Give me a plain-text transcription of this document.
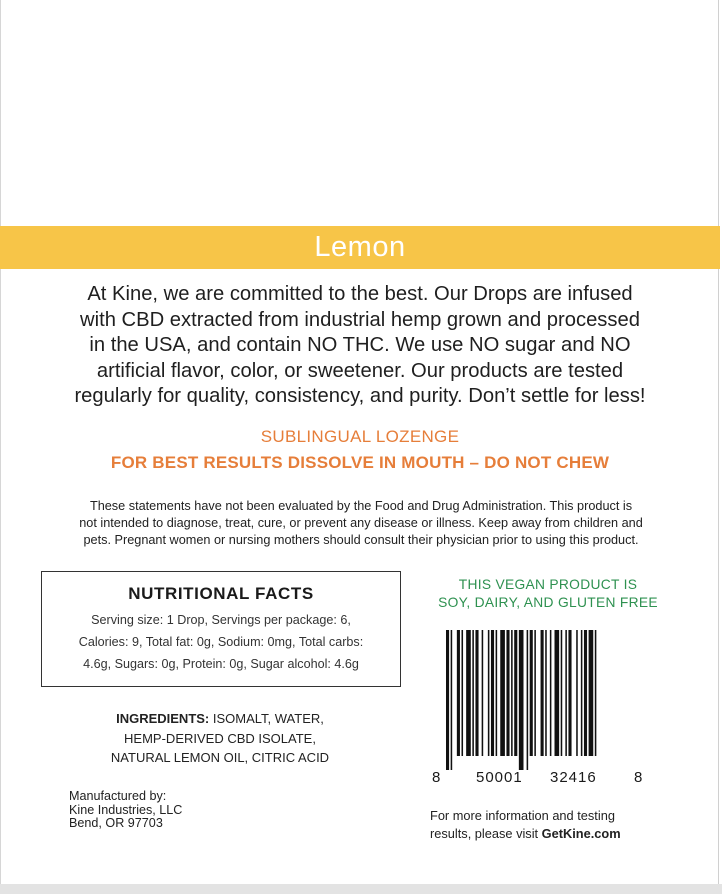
Lemon
At Kine, we are committed to the best. Our Drops are infused
with CBD extracted from industrial hemp grown and processed
in the USA, and contain NO THC. We use NO sugar and NO
artificial flavor, color, or sweetener. Our products are tested
regularly for quality, consistency, and purity. Don’t settle for less!
SUBLINGUAL LOZENGE
FOR BEST RESULTS DISSOLVE IN MOUTH – DO NOT CHEW
These statements have not been evaluated by the Food and Drug Administration. This product is
not intended to diagnose, treat, cure, or prevent any disease or illness. Keep away from children and
pets. Pregnant women or nursing mothers should consult their physician prior to using this product.
NUTRITIONAL FACTS
Serving size: 1 Drop, Servings per package: 6,
Calories: 9, Total fat: 0g, Sodium: 0mg, Total carbs:
4.6g, Sugars: 0g, Protein: 0g, Sugar alcohol: 4.6g
INGREDIENTS: ISOMALT, WATER,
HEMP-DERIVED CBD ISOLATE,
NATURAL LEMON OIL, CITRIC ACID
Manufactured by:
Kine Industries, LLC
Bend, OR 97703
THIS VEGAN PRODUCT IS
SOY, DAIRY, AND GLUTEN FREE
8 50001 32416 8
For more information and testing
results, please visit GetKine.com
